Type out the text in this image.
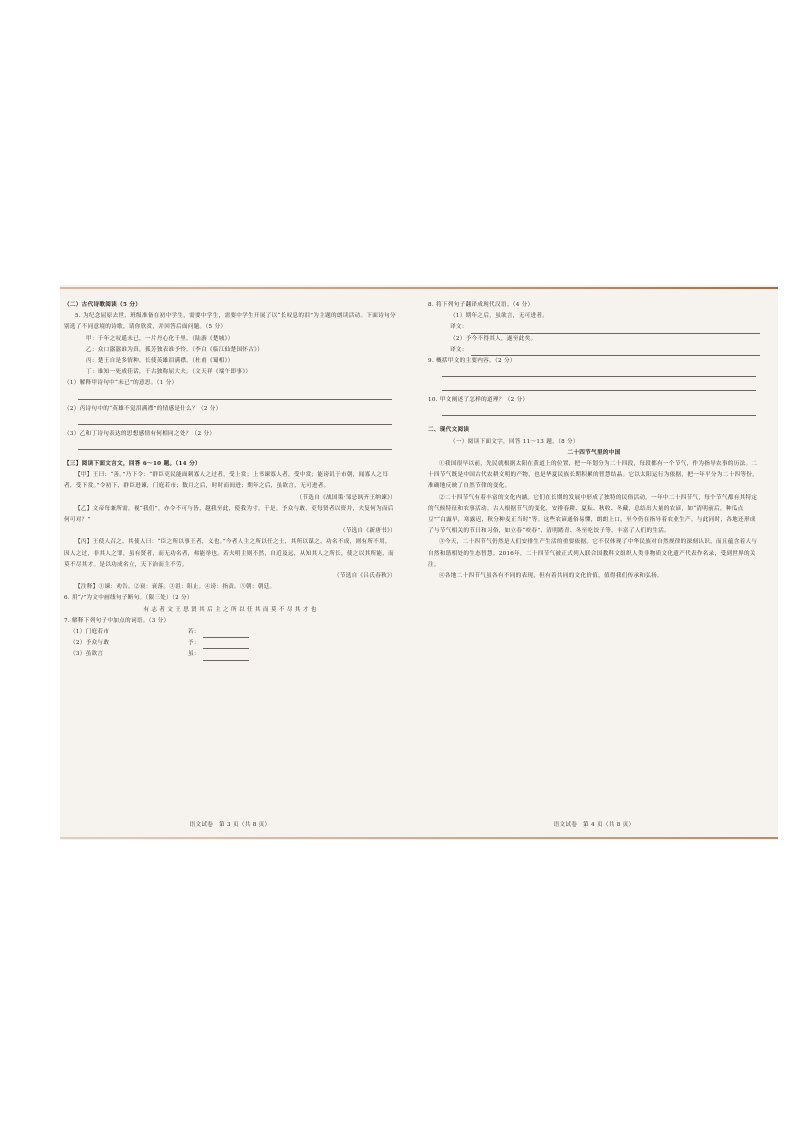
（二）古代诗歌阅读（5 分）

5. 为纪念屈原去世，班级准备在初中学生，需要中学生，需要中学生开展了以“长叹息的泪”为主题的朗读活动。下面诗句分别选了不同意境的诗歌，请你欣赏，并回答后面问题。（5 分）

甲：千年之叹遥未已，一片丹心化千里。（陆游《楚城》）

乙：众口嚣嚣谁为真，孤芳独表谁予怜。（李白《临江仙楚国怀古》）

丙：楚王自是多情种，长使英雄泪满襟。（杜甫《蜀相》）

丁：谁知一死成佳话，千古独称屈大夫。（文天祥《端午即事》）

（1）解释甲诗句中“未已”的意思。（1 分）

（2）丙诗句中的“英雄不觉泪满襟”的情感是什么？（2 分）

（3）乙和丁诗句表达的思想感情有何相同之处？（2 分）

【三】阅读下面文言文，回答 6～10 题。（14 分）

【甲】王曰：“善。”乃下令：“群臣吏民能面刺寡人之过者，受上赏；上书谏寡人者，受中赏；能谤讥于市朝，闻寡人之耳者，受下赏。”令初下，群臣进谏，门庭若市；数月之后，时时而间进；期年之后，虽欲言，无可进者。

（节选自《战国策·邹忌讽齐王纳谏》）

【乙】文帝每兼所需，视“我们”，亦令不可与皆，越我至此，使我为寸。于是。予众与敢，吏每贤者以资并，夫复何为而后何可对？”

（节选自《新唐书》）

【丙】王使人召之，其使人曰：“臣之所以事王者，义也。”今者人主之所以任之士，其所以谋之，功名不成，则有所不用，因人之过，非其人之罪，虽有贤者，而无功名者，弗能举也。若夫明主则不然，自近及远，从知其人之所长，使之以其所能，而莫不尽其才。是以功成名立，天下治而主不劳。

（节选自《吕氏春秋》）

【注释】①谏：劝告。②衰：衰落。③沮：阻止。④谤：指责。⑤朝：朝廷。

6. 用“/”为文中画线句子断句。（限三处）（2 分）

有 志 者 文 王 思 贤 其 后 主 之 所 以 任 其 而 莫 不 尽 其 才 也

7. 解释下列句子中加点的词语。（3 分）

（1）门庭若市	若：
（2）予众与敢	予：
（3）虽欲言	虽：
语文试卷　第 3 页（共 8 页）

8. 将下列句子翻译成现代汉语。（4 分）

（1）期年之后，虽欲言，无可进者。

译文：

（2）予今不得其人，遂至此矣。

译文：

9. 概括甲文的主要内容。（2 分）

10. 甲文阐述了怎样的道理？（2 分）

二、现代文阅读

（一）阅读下面文字，回答 11～13 题。（8 分）

二十四节气里的中国

①我国很早以前，先民就根据太阳在黄道上的位置，把一年划分为二十四段，每段都有一个节气，作为指导农事的历法。二十四节气既是中国古代农耕文明的产物，也是华夏民族长期积累的智慧结晶。它以太阳运行为依据，把一年平分为二十四等份，准确地反映了自然节律的变化。

②二十四节气有着丰富的文化内涵。它们在长期的发展中形成了独特的民俗活动。一年中二十四节气，每个节气都有其特定的气候特征和农事活动。古人根据节气的变化，安排春耕、夏耘、秋收、冬藏，总结出大量的农谚，如“清明前后，种瓜点豆”“白露早，寒露迟，秋分种麦正当时”等。这些农谚通俗易懂，朗朗上口，至今仍在指导着农业生产。与此同时，各地还形成了与节气相关的节日和习俗，如立春“咬春”、清明踏青、冬至吃饺子等，丰富了人们的生活。

③今天，二十四节气仍然是人们安排生产生活的重要依据。它不仅体现了中华民族对自然规律的深刻认识，而且蕴含着人与自然和谐相处的生态智慧。2016年，二十四节气被正式列入联合国教科文组织人类非物质文化遗产代表作名录，受到世界的关注。

④各地二十四节气虽各有不同的表现，但有着共同的文化价值，值得我们传承和弘扬。

语文试卷　第 4 页（共 8 页）
